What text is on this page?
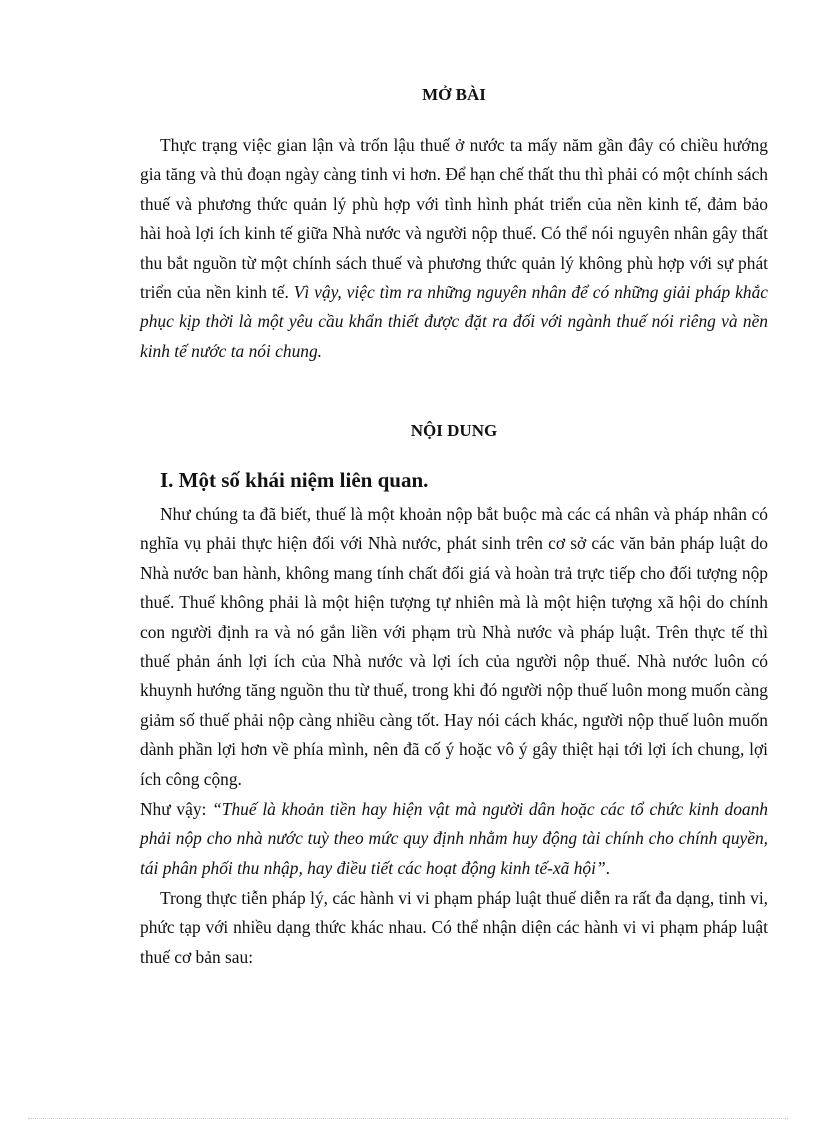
MỞ BÀI

Thực trạng việc gian lận và trốn lậu thuế ở nước ta mấy năm gần đây có chiều hướng gia tăng và thủ đoạn ngày càng tinh vi hơn. Để hạn chế thất thu thì phải có một chính sách thuế và phương thức quản lý phù hợp với tình hình phát triển của nền kinh tế, đảm bảo hài hoà lợi ích kinh tế giữa Nhà nước và người nộp thuế. Có thể nói nguyên nhân gây thất thu bắt nguồn từ một chính sách thuế và phương thức quản lý không phù hợp với sự phát triển của nền kinh tế. Vì vậy, việc tìm ra những nguyên nhân để có những giải pháp khắc phục kịp thời là một yêu cầu khẩn thiết được đặt ra đối với ngành thuế nói riêng và nền kinh tế nước ta nói chung.

NỘI DUNG
I. Một số khái niệm liên quan.

Như chúng ta đã biết, thuế là một khoản nộp bắt buộc mà các cá nhân và pháp nhân có nghĩa vụ phải thực hiện đối với Nhà nước, phát sinh trên cơ sở các văn bản pháp luật do Nhà nước ban hành, không mang tính chất đối giá và hoàn trả trực tiếp cho đối tượng nộp thuế. Thuế không phải là một hiện tượng tự nhiên mà là một hiện tượng xã hội do chính con người định ra và nó gắn liền với phạm trù Nhà nước và pháp luật. Trên thực tế thì thuế phản ánh lợi ích của Nhà nước và lợi ích của người nộp thuế. Nhà nước luôn có khuynh hướng tăng nguồn thu từ thuế, trong khi đó người nộp thuế luôn mong muốn càng giảm số thuế phải nộp càng nhiều càng tốt. Hay nói cách khác, người nộp thuế luôn muốn dành phần lợi hơn về phía mình, nên đã cố ý hoặc vô ý gây thiệt hại tới lợi ích chung, lợi ích công cộng.

Như vậy: “Thuế là khoản tiền hay hiện vật mà người dân hoặc các tổ chức kinh doanh phải nộp cho nhà nước tuỳ theo mức quy định nhằm huy động tài chính cho chính quyền, tái phân phối thu nhập, hay điều tiết các hoạt động kinh tế-xã hội”.

Trong thực tiễn pháp lý, các hành vi vi phạm pháp luật thuế diễn ra rất đa dạng, tinh vi, phức tạp với nhiều dạng thức khác nhau. Có thể nhận diện các hành vi vi phạm pháp luật thuế cơ bản sau:
